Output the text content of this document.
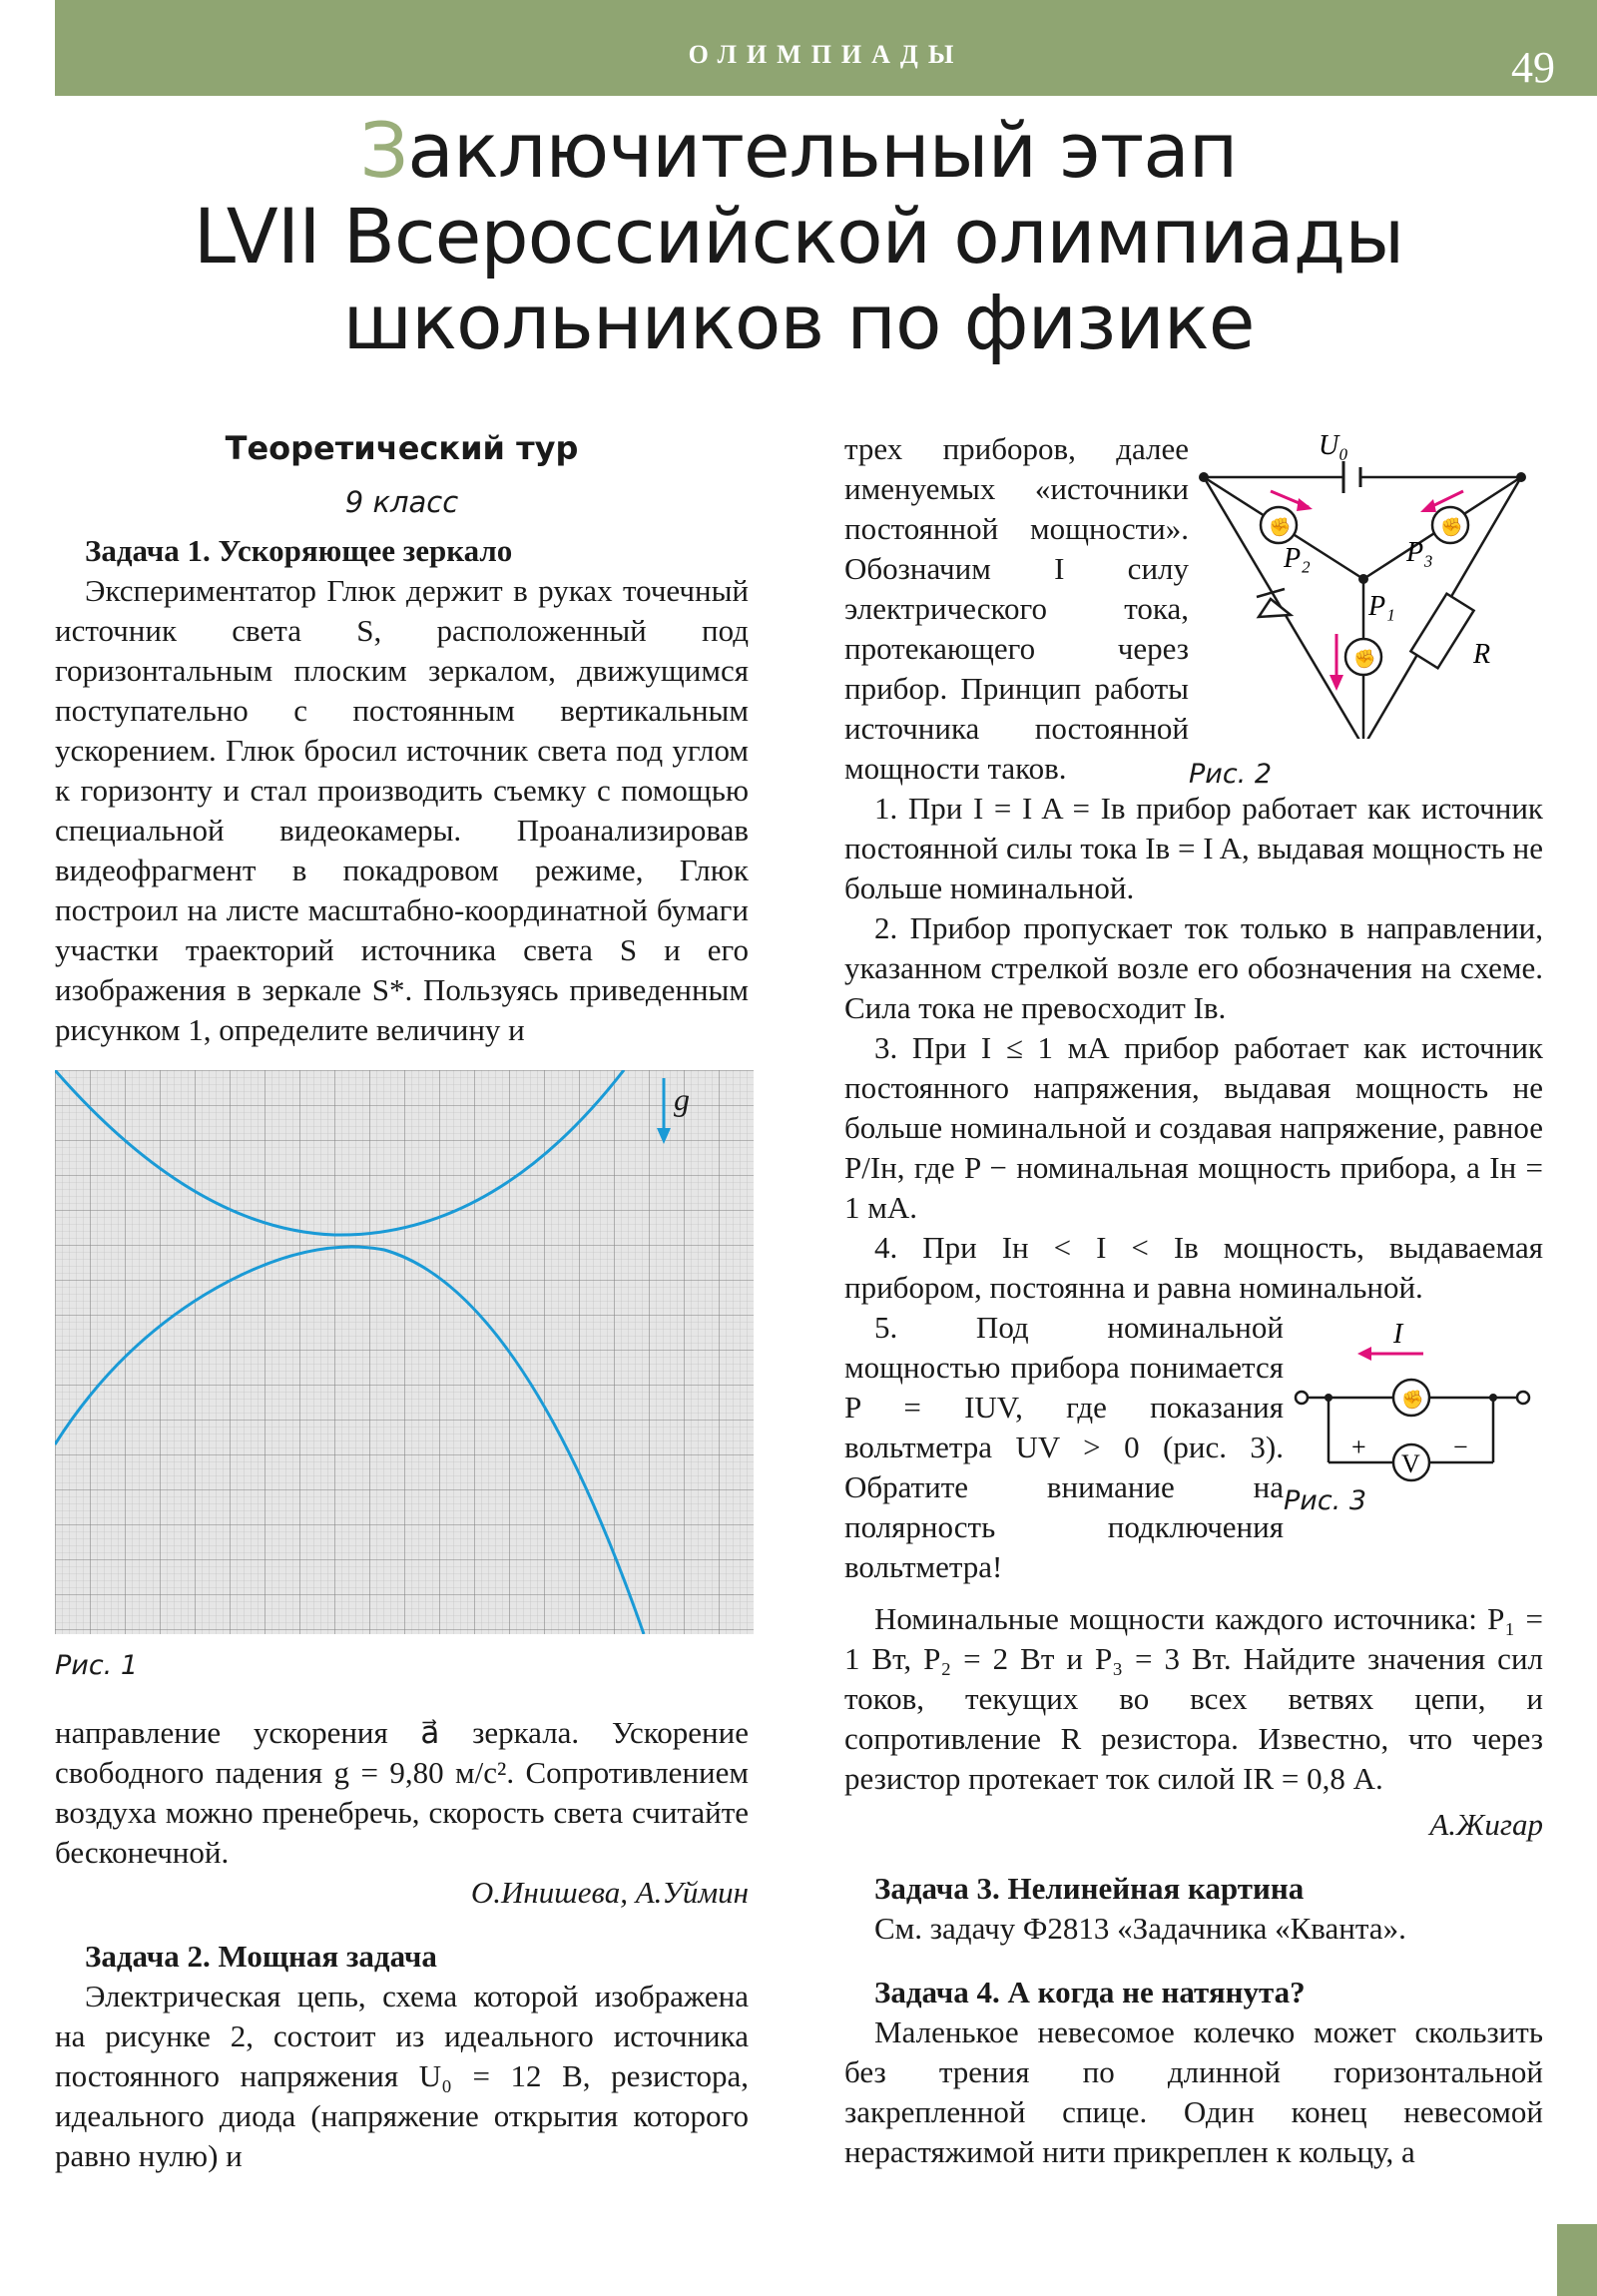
ОЛИМПИАДЫ	49
Заключительный этап
LVII Всероссийской олимпиады
школьников по физике
Теоретический тур
9 класс
Задача 1. Ускоряющее зеркало

Экспериментатор Глюк держит в руках точечный источник света S, расположенный под горизонтальным плоским зеркалом, движущимся поступательно с постоянным вертикальным ускорением. Глюк бросил источник света под углом к горизонту и стал производить съемку с помощью специальной видеокамеры. Проанализировав видеофрагмент в покадровом режиме, Глюк построил на листе масштабно-координатной бумаги участки траекторий источника света S и его изображения в зеркале S*. Пользуясь приведенным рисунком 1, определите величину и

g
Рис. 1

направление ускорения a⃗ зеркала. Ускорение свободного падения g = 9,80 м/с². Сопротивлением воздуха можно пренебречь, скорость света считайте бесконечной.

О.Инишева, А.Уймин
Задача 2. Мощная задача

Электрическая цепь, схема которой изображена на рисунке 2, состоит из идеального источника постоянного напряжения U₀ = 12 В, резистора, идеального диода (напряжение открытия которого равно нулю) и

трех приборов, далее именуемых «источники постоянной мощности». Обозначим I силу электрического тока, протекающего через прибор. Принцип работы источника постоянной мощности таков.

U₀
✊	✊
✊
P₂	P₃
P₁
R
Рис. 2

1. При I = I A = Iв прибор работает как источник постоянной силы тока Iв = I A, выдавая мощность не больше номинальной.

2. Прибор пропускает ток только в направлении, указанном стрелкой возле его обозначения на схеме. Сила тока не превосходит Iв.

3. При I ≤ 1 мА прибор работает как источник постоянного напряжения, выдавая мощность не больше номинальной и создавая напряжение, равное P/Iн, где P − номинальная мощность прибора, а Iн = 1 мА.

4. При Iн < I < Iв мощность, выдаваемая прибором, постоянна и равна номинальной.

5. Под номинальной мощностью прибора понимается P = IUV, где показания вольтметра UV > 0 (рис. 3). Обратите внимание на полярность подключения вольтметра!

I
✊
V
+	−
Рис. 3

Номинальные мощности каждого источника: P₁ = 1 Вт, P₂ = 2 Вт и P₃ = 3 Вт. Найдите значения сил токов, текущих во всех ветвях цепи, и сопротивление R резистора. Известно, что через резистор протекает ток силой IR = 0,8 А.

А.Жигар
Задача 3. Нелинейная картина

См. задачу Ф2813 «Задачника «Кванта».

Задача 4. А когда не натянута?

Маленькое невесомое колечко может скользить без трения по длинной горизонтальной закрепленной спице. Один конец невесомой нерастяжимой нити прикреплен к кольцу, а
